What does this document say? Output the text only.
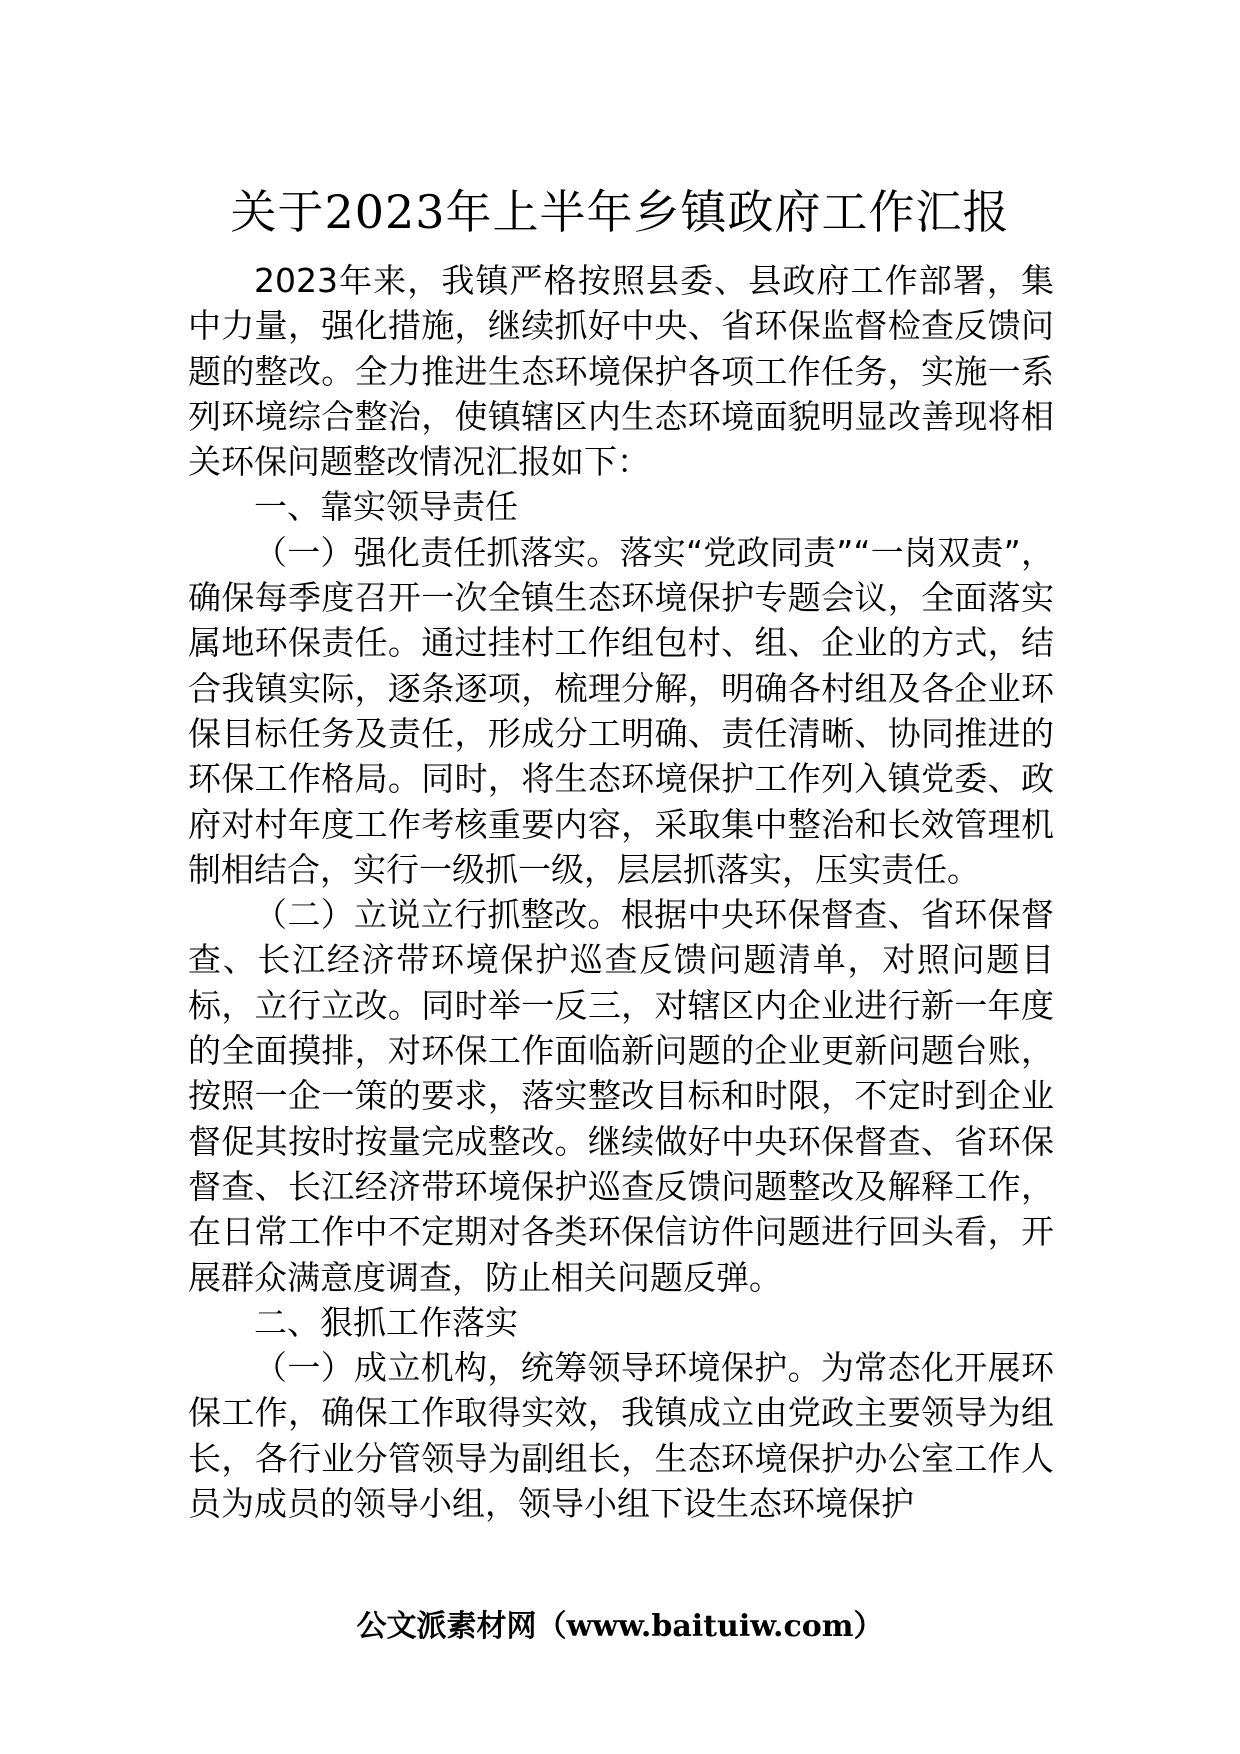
关于2023年上半年乡镇政府工作汇报

2023年来，我镇严格按照县委、县政府工作部署，集中力量，强化措施，继续抓好中央、省环保监督检查反馈问题的整改。全力推进生态环境保护各项工作任务，实施一系列环境综合整治，使镇辖区内生态环境面貌明显改善现将相关环保问题整改情况汇报如下：

一、靠实领导责任

（一）强化责任抓落实。落实“党政同责”“一岗双责”，确保每季度召开一次全镇生态环境保护专题会议，全面落实属地环保责任。通过挂村工作组包村、组、企业的方式，结合我镇实际，逐条逐项，梳理分解，明确各村组及各企业环保目标任务及责任，形成分工明确、责任清晰、协同推进的环保工作格局。同时，将生态环境保护工作列入镇党委、政府对村年度工作考核重要内容，采取集中整治和长效管理机制相结合，实行一级抓一级，层层抓落实，压实责任。

（二）立说立行抓整改。根据中央环保督查、省环保督查、长江经济带环境保护巡查反馈问题清单，对照问题目标，立行立改。同时举一反三，对辖区内企业进行新一年度的全面摸排，对环保工作面临新问题的企业更新问题台账，按照一企一策的要求，落实整改目标和时限，不定时到企业督促其按时按量完成整改。继续做好中央环保督查、省环保督查、长江经济带环境保护巡查反馈问题整改及解释工作，在日常工作中不定期对各类环保信访件问题进行回头看，开展群众满意度调查，防止相关问题反弹。

二、狠抓工作落实

（一）成立机构，统筹领导环境保护。为常态化开展环保工作，确保工作取得实效，我镇成立由党政主要领导为组长，各行业分管领导为副组长，生态环境保护办公室工作人员为成员的领导小组，领导小组下设生态环境保护

公文派素材网（www.baituiw.com）
